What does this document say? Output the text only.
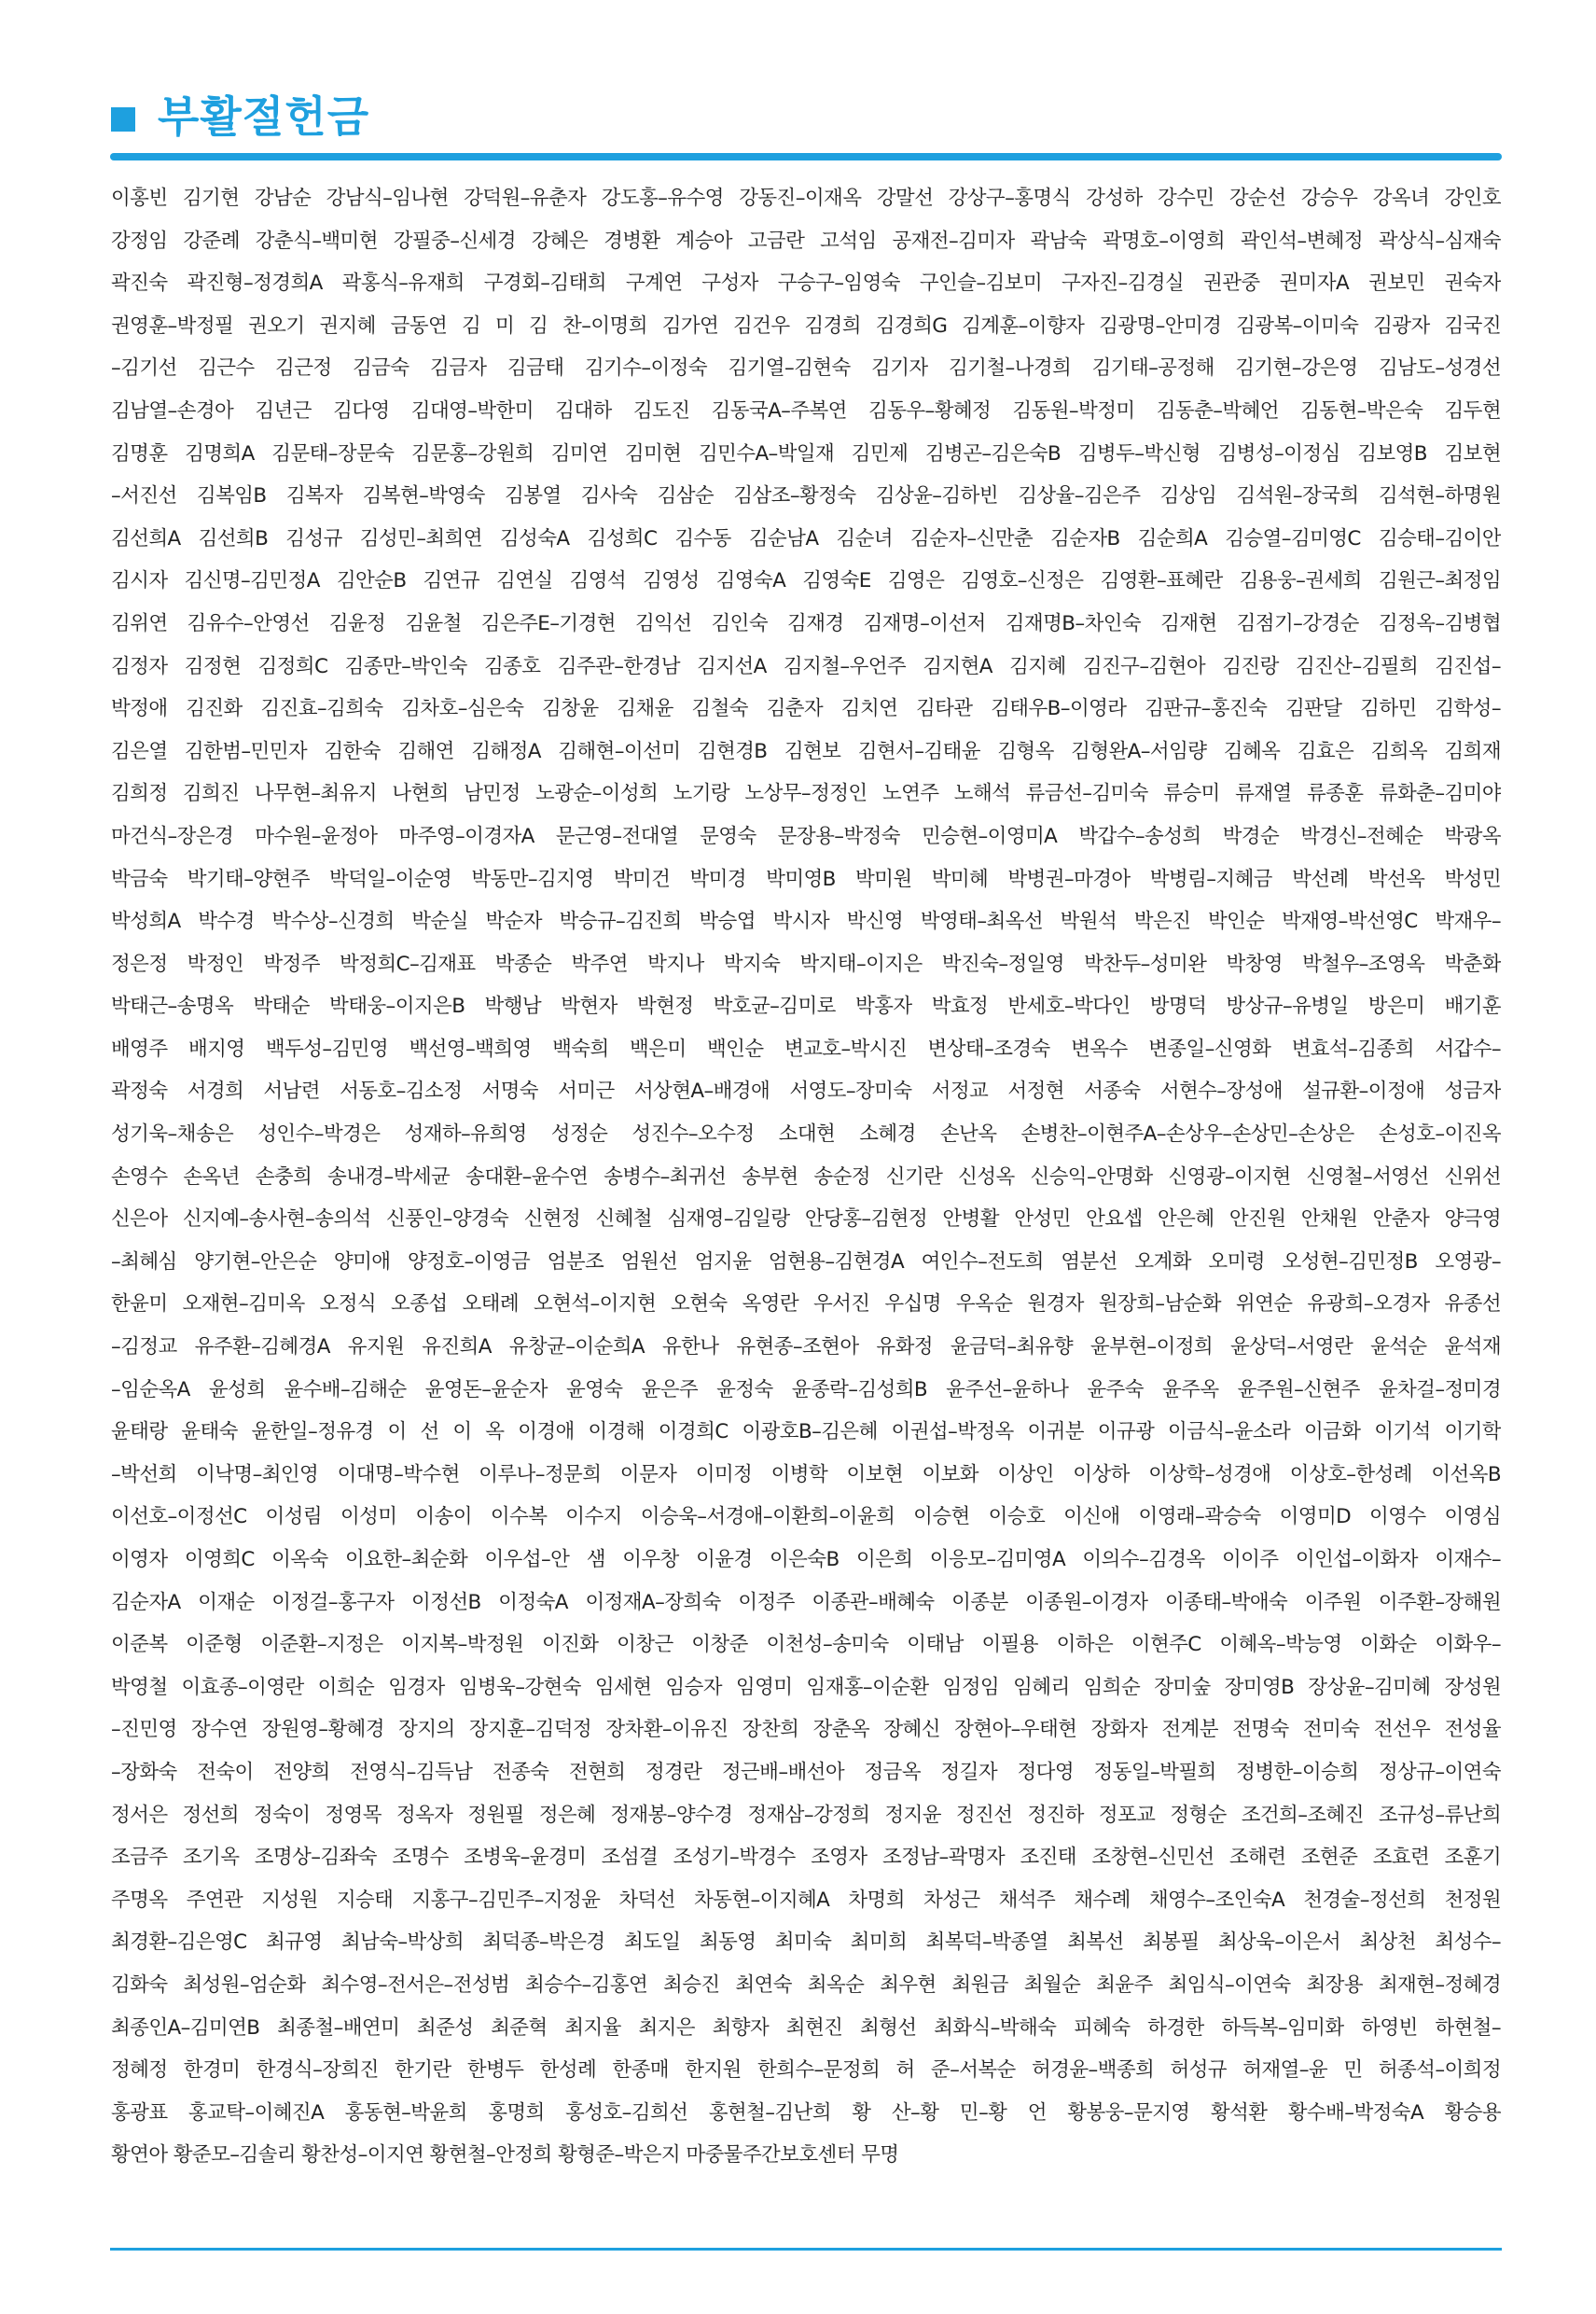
부활절헌금
이홍빈 김기현 강남순 강남식–임나현 강덕원–유춘자 강도홍–유수영 강동진–이재옥 강말선 강상구–홍명식 강성하 강수민 강순선 강승우 강옥녀 강인호
강정임 강준례 강춘식–백미현 강필중–신세경 강혜은 경병환 계승아 고금란 고석임 공재전–김미자 곽남숙 곽명호–이영희 곽인석–변혜정 곽상식–심재숙
곽진숙 곽진형–정경희A 곽홍식–유재희 구경회–김태희 구계연 구성자 구승구–임영숙 구인슬–김보미 구자진–김경실 권관중 권미자A 권보민 권숙자
권영훈–박정필 권오기 권지혜 금동연 김 미 김 찬–이명희 김가연 김건우 김경희 김경희G 김계훈–이향자 김광명–안미경 김광복–이미숙 김광자 김국진
–김기선 김근수 김근정 김금숙 김금자 김금태 김기수–이정숙 김기열–김현숙 김기자 김기철–나경희 김기태–공정해 김기현–강은영 김남도–성경선
김남열–손경아 김년근 김다영 김대영–박한미 김대하 김도진 김동국A–주복연 김동우–황혜정 김동원–박정미 김동춘–박혜언 김동현–박은숙 김두현
김명훈 김명희A 김문태–장문숙 김문홍–강원희 김미연 김미현 김민수A–박일재 김민제 김병곤–김은숙B 김병두–박신형 김병성–이정심 김보영B 김보현
–서진선 김복임B 김복자 김복현–박영숙 김봉열 김사숙 김삼순 김삼조–황정숙 김상윤–김하빈 김상율–김은주 김상임 김석원–장국희 김석현–하명원
김선희A 김선희B 김성규 김성민–최희연 김성숙A 김성희C 김수동 김순남A 김순녀 김순자–신만춘 김순자B 김순희A 김승열–김미영C 김승태–김이안
김시자 김신명–김민정A 김안순B 김연규 김연실 김영석 김영성 김영숙A 김영숙E 김영은 김영호–신정은 김영환–표혜란 김용웅–권세희 김원근–최정임
김위연 김유수–안영선 김윤정 김윤철 김은주E–기경현 김익선 김인숙 김재경 김재명–이선저 김재명B–차인숙 김재현 김점기–강경순 김정옥–김병협
김정자 김정현 김정희C 김종만–박인숙 김종호 김주관–한경남 김지선A 김지철–우언주 김지현A 김지혜 김진구–김현아 김진랑 김진산–김필희 김진섭–
박정애 김진화 김진효–김희숙 김차호–심은숙 김창윤 김채윤 김철숙 김춘자 김치연 김타관 김태우B–이영라 김판규–홍진숙 김판달 김하민 김학성–
김은열 김한범–민민자 김한숙 김해연 김해정A 김해현–이선미 김현경B 김현보 김현서–김태윤 김형옥 김형완A–서임량 김혜옥 김효은 김희옥 김희재
김희정 김희진 나무현–최유지 나현희 남민정 노광순–이성희 노기랑 노상무–정정인 노연주 노해석 류금선–김미숙 류승미 류재열 류종훈 류화춘–김미야
마건식–장은경 마수원–윤정아 마주영–이경자A 문근영–전대열 문영숙 문장용–박정숙 민승현–이영미A 박갑수–송성희 박경순 박경신–전혜순 박광옥
박금숙 박기태–양현주 박덕일–이순영 박동만–김지영 박미건 박미경 박미영B 박미원 박미혜 박병권–마경아 박병림–지혜금 박선례 박선옥 박성민
박성희A 박수경 박수상–신경희 박순실 박순자 박승규–김진희 박승엽 박시자 박신영 박영태–최옥선 박원석 박은진 박인순 박재영–박선영C 박재우–
정은정 박정인 박정주 박정희C–김재표 박종순 박주연 박지나 박지숙 박지태–이지은 박진숙–정일영 박찬두–성미완 박창영 박철우–조영옥 박춘화
박태근–송명옥 박태순 박태웅–이지은B 박행남 박현자 박현정 박호균–김미로 박홍자 박효정 반세호–박다인 방명덕 방상규–유병일 방은미 배기훈
배영주 배지영 백두성–김민영 백선영–백희영 백숙희 백은미 백인순 변교호–박시진 변상태–조경숙 변옥수 변종일–신영화 변효석–김종희 서갑수–
곽정숙 서경희 서남련 서동호–김소정 서명숙 서미근 서상현A–배경애 서영도–장미숙 서정교 서정현 서종숙 서현수–장성애 설규환–이정애 성금자
성기욱–채송은 성인수–박경은 성재하–유희영 성정순 성진수–오수정 소대현 소혜경 손난옥 손병찬–이현주A–손상우–손상민–손상은 손성호–이진옥
손영수 손옥년 손충희 송내경–박세균 송대환–윤수연 송병수–최귀선 송부현 송순정 신기란 신성옥 신승익–안명화 신영광–이지현 신영철–서영선 신위선
신은아 신지예–송사현–송의석 신풍인–양경숙 신현정 신혜철 심재영–김일랑 안당홍–김현정 안병활 안성민 안요셉 안은혜 안진원 안채원 안춘자 양극영
–최혜심 양기현–안은순 양미애 양정호–이영금 엄분조 엄원선 엄지윤 엄현용–김현경A 여인수–전도희 염분선 오계화 오미령 오성현–김민정B 오영광–
한윤미 오재현–김미옥 오정식 오종섭 오태례 오현석–이지현 오현숙 옥영란 우서진 우십명 우옥순 원경자 원장희–남순화 위연순 유광희–오경자 유종선
–김정교 유주환–김혜경A 유지원 유진희A 유창균–이순희A 유한나 유현종–조현아 유화정 윤금덕–최유향 윤부현–이정희 윤상덕–서영란 윤석순 윤석재
–임순옥A 윤성희 윤수배–김해순 윤영돈–윤순자 윤영숙 윤은주 윤정숙 윤종락–김성희B 윤주선–윤하나 윤주숙 윤주옥 윤주원–신현주 윤차걸–정미경
윤태랑 윤태숙 윤한일–정유경 이 선 이 옥 이경애 이경해 이경희C 이광호B–김은혜 이권섭–박정옥 이귀분 이규광 이금식–윤소라 이금화 이기석 이기학
–박선희 이낙명–최인영 이대명–박수현 이루나–정문희 이문자 이미정 이병학 이보현 이보화 이상인 이상하 이상학–성경애 이상호–한성례 이선옥B
이선호–이정선C 이성림 이성미 이송이 이수복 이수지 이승욱–서경애–이환희–이윤희 이승현 이승호 이신애 이영래–곽승숙 이영미D 이영수 이영심
이영자 이영희C 이옥숙 이요한–최순화 이우섭–안 샘 이우창 이윤경 이은숙B 이은희 이응모–김미영A 이의수–김경옥 이이주 이인섭–이화자 이재수–
김순자A 이재순 이정걸–홍구자 이정선B 이정숙A 이정재A–장희숙 이정주 이종관–배혜숙 이종분 이종원–이경자 이종태–박애숙 이주원 이주환–장해원
이준복 이준형 이준환–지정은 이지복–박정원 이진화 이창근 이창준 이천성–송미숙 이태남 이필용 이하은 이현주C 이혜옥–박능영 이화순 이화우–
박영철 이효종–이영란 이희순 임경자 임병욱–강현숙 임세현 임승자 임영미 임재홍–이순환 임정임 임혜리 임희순 장미숲 장미영B 장상윤–김미혜 장성원
–진민영 장수연 장원영–황혜경 장지의 장지훈–김덕정 장차환–이유진 장찬희 장춘옥 장혜신 장현아–우태현 장화자 전계분 전명숙 전미숙 전선우 전성율
–장화숙 전숙이 전양희 전영식–김득남 전종숙 전현희 정경란 정근배–배선아 정금옥 정길자 정다영 정동일–박필희 정병한–이승희 정상규–이연숙
정서은 정선희 정숙이 정영목 정옥자 정원필 정은혜 정재봉–양수경 정재삼–강정희 정지윤 정진선 정진하 정포교 정형순 조건희–조혜진 조규성–류난희
조금주 조기옥 조명상–김좌숙 조명수 조병욱–윤경미 조섬결 조성기–박경수 조영자 조정남–곽명자 조진태 조창현–신민선 조해련 조현준 조효련 조훈기
주명옥 주연관 지성원 지승태 지홍구–김민주–지정윤 차덕선 차동현–이지혜A 차명희 차성근 채석주 채수례 채영수–조인숙A 천경술–정선희 천정원
최경환–김은영C 최규영 최남숙–박상희 최덕종–박은경 최도일 최동영 최미숙 최미희 최복덕–박종열 최복선 최봉필 최상욱–이은서 최상천 최성수–
김화숙 최성원–엄순화 최수영–전서은–전성범 최승수–김홍연 최승진 최연숙 최옥순 최우현 최원금 최월순 최윤주 최임식–이연숙 최장용 최재현–정혜경
최종인A–김미연B 최종철–배연미 최준성 최준혁 최지율 최지은 최향자 최현진 최형선 최화식–박해숙 피혜숙 하경한 하득복–임미화 하영빈 하현철–
정혜정 한경미 한경식–장희진 한기란 한병두 한성례 한종매 한지원 한희수–문정희 허 준–서복순 허경윤–백종희 허성규 허재열–윤 민 허종석–이희정
홍광표 홍교탁–이혜진A 홍동현–박윤희 홍명희 홍성호–김희선 홍현철–김난희 황 산–황 민–황 언 황봉웅–문지영 황석환 황수배–박정숙A 황승용
황연아 황준모–김솔리 황찬성–이지연 황현철–안정희 황형준–박은지 마중물주간보호센터 무명
